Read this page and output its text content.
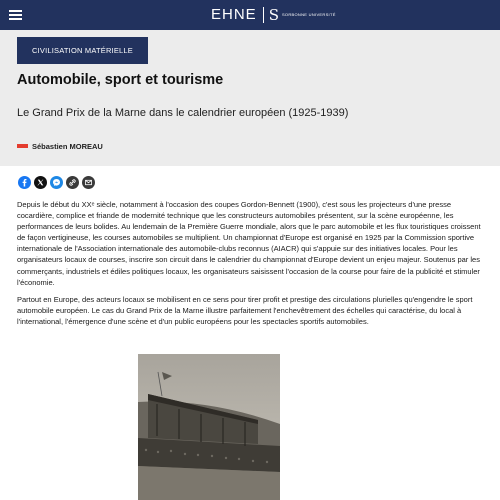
EHNE S SORBONNE UNIVERSITÉ
CIVILISATION MATÉRIELLE
Automobile, sport et tourisme

Le Grand Prix de la Marne dans le calendrier européen (1925-1939)

Sébastien MOREAU

Depuis le début du XXᵉ siècle, notamment à l'occasion des coupes Gordon-Bennett (1900), c'est sous les projecteurs d'une presse cocardière, complice et friande de modernité technique que les constructeurs automobiles présentent, sur la scène européenne, les performances de leurs bolides. Au lendemain de la Première Guerre mondiale, alors que le parc automobile et les flux touristiques croissent de façon vertigineuse, les courses automobiles se multiplient. Un championnat d'Europe est organisé en 1925 par la Commission sportive internationale de l'Association internationale des automobile-clubs reconnus (AIACR) qui s'appuie sur des initiatives locales. Pour les organisateurs locaux de courses, inscrire son circuit dans le calendrier du championnat d'Europe devient un enjeu majeur. Soutenus par les commerçants, industriels et édiles politiques locaux, les organisateurs saisissent l'occasion de la course pour faire de la publicité et stimuler l'économie.

Partout en Europe, des acteurs locaux se mobilisent en ce sens pour tirer profit et prestige des circulations plurielles qu'engendre le sport automobile européen. Le cas du Grand Prix de la Marne illustre parfaitement l'enchevêtrement des échelles qui caractérise, du local à l'international, l'émergence d'une scène et d'un public européens pour les spectacles sportifs automobiles.
